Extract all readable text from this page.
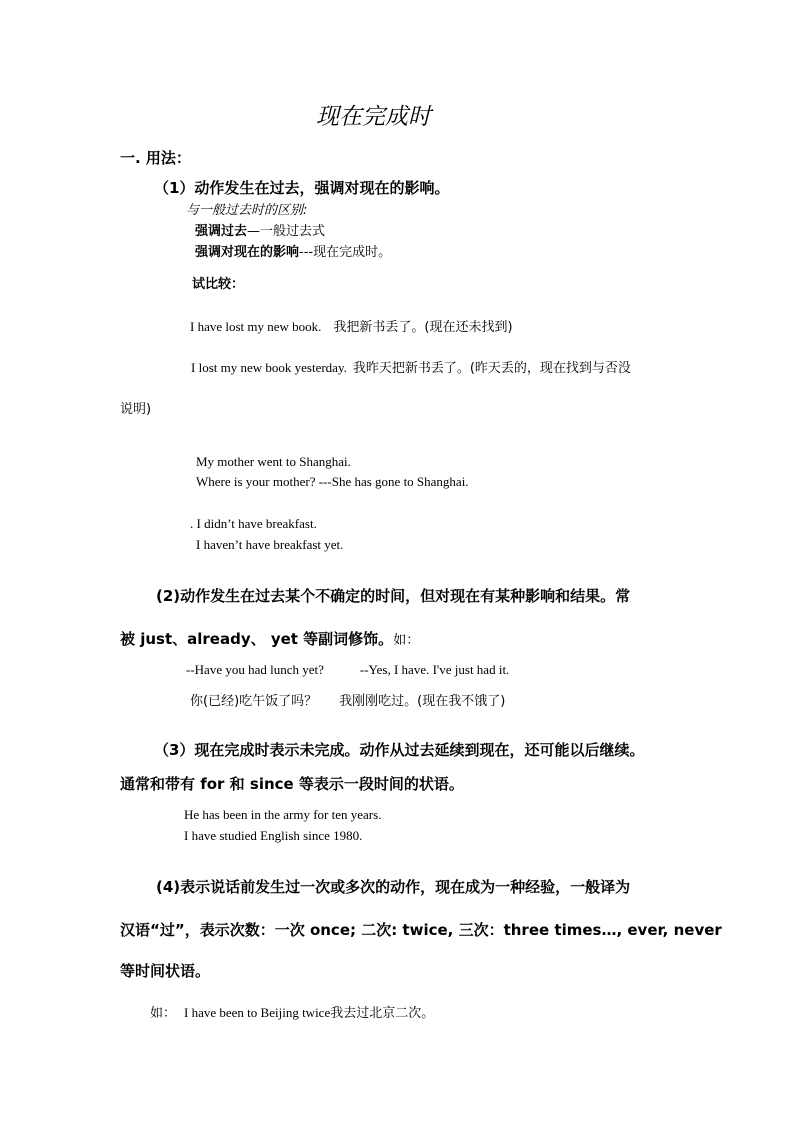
现在完成时
一. 用法：
（1）动作发生在过去，强调对现在的影响。
与一般过去时的区别:
强调过去—一般过去式
强调对现在的影响---现在完成时。
试比较：
I have lost my new book. 我把新书丢了。(现在还未找到)
I lost my new book yesterday. 我昨天把新书丢了。(昨天丢的，现在找到与否没
说明)
My mother went to Shanghai.
Where is your mother? ---She has gone to Shanghai.
. I didn’t have breakfast.
I haven’t have breakfast yet.
(2)动作发生在过去某个不确定的时间，但对现在有某种影响和结果。常
被 just、already、 yet 等副词修饰。如：
--Have you had lunch yet?	--Yes, I have. I've just had it.
你(已经)吃午饭了吗？ 我刚刚吃过。(现在我不饿了)
（3）现在完成时表示未完成。动作从过去延续到现在，还可能以后继续。
通常和带有 for 和 since 等表示一段时间的状语。
He has been in the army for ten years.
I have studied English since 1980.
(4)表示说话前发生过一次或多次的动作，现在成为一种经验，一般译为
汉语“过”，表示次数：一次 once; 二次: twice, 三次：three times…, ever, never
等时间状语。
如： I have been to Beijing twice我去过北京二次。
